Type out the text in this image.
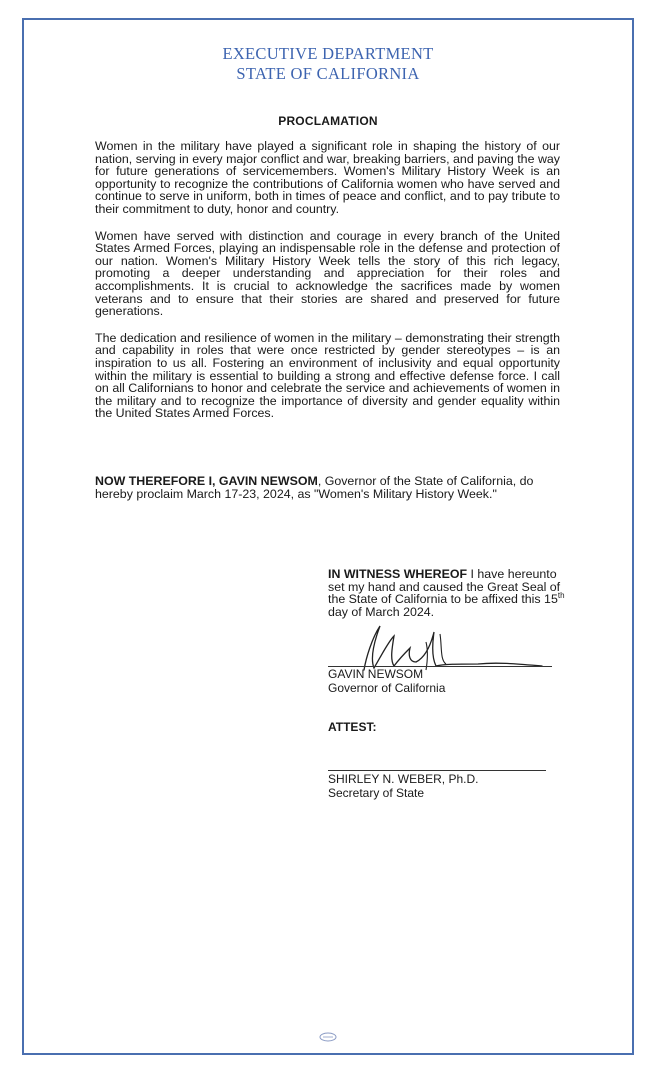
EXECUTIVE DEPARTMENT
STATE OF CALIFORNIA
PROCLAMATION

Women in the military have played a significant role in shaping the history of our nation, serving in every major conflict and war, breaking barriers, and paving the way for future generations of servicemembers. Women's Military History Week is an opportunity to recognize the contributions of California women who have served and continue to serve in uniform, both in times of peace and conflict, and to pay tribute to their commitment to duty, honor and country.

Women have served with distinction and courage in every branch of the United States Armed Forces, playing an indispensable role in the defense and protection of our nation. Women's Military History Week tells the story of this rich legacy, promoting a deeper understanding and appreciation for their roles and accomplishments. It is crucial to acknowledge the sacrifices made by women veterans and to ensure that their stories are shared and preserved for future generations.

The dedication and resilience of women in the military – demonstrating their strength and capability in roles that were once restricted by gender stereotypes – is an inspiration to us all. Fostering an environment of inclusivity and equal opportunity within the military is essential to building a strong and effective defense force. I call on all Californians to honor and celebrate the service and achievements of women in the military and to recognize the importance of diversity and gender equality within the United States Armed Forces.

NOW THEREFORE I, GAVIN NEWSOM, Governor of the State of California, do hereby proclaim March 17-23, 2024, as "Women's Military History Week."
IN WITNESS WHEREOF I have hereunto set my hand and caused the Great Seal of the State of California to be affixed this 15th day of March 2024.
GAVIN NEWSOM
Governor of California
ATTEST:
SHIRLEY N. WEBER, Ph.D.
Secretary of State
